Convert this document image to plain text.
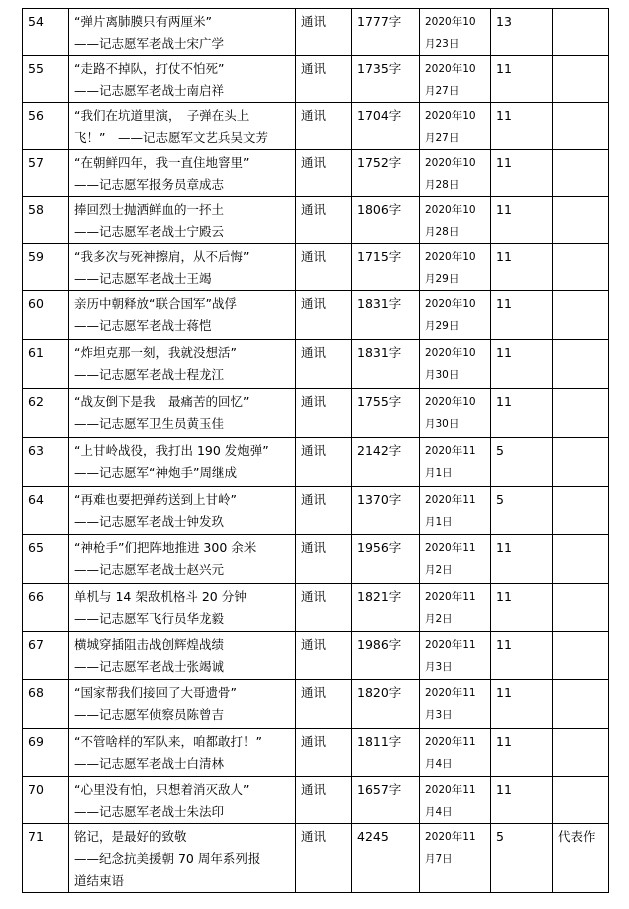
54	“弹片离肺膜只有两厘米”
——记志愿军老战士宋广学	通讯	1777字	2020年10
月23日	13	
55	“走路不掉队，打仗不怕死”
——记志愿军老战士南启祥	通讯	1735字	2020年10
月27日	11	
56	“我们在坑道里演，　子弹在头上
飞！”　——记志愿军文艺兵吴文芳	通讯	1704字	2020年10
月27日	11	
57	“在朝鲜四年，我一直住地窨里”
——记志愿军报务员章成志	通讯	1752字	2020年10
月28日	11	
58	捧回烈士抛洒鲜血的一抔土
——记志愿军老战士宁殿云	通讯	1806字	2020年10
月28日	11	
59	“我多次与死神擦肩，从不后悔”
——记志愿军老战士王竭	通讯	1715字	2020年10
月29日	11	
60	亲历中朝释放“联合国军”战俘
——记志愿军老战士蒋恺	通讯	1831字	2020年10
月29日	11	
61	“炸坦克那一刻，我就没想活”
——记志愿军老战士程龙江	通讯	1831字	2020年10
月30日	11	
62	“战友倒下是我　最痛苦的回忆”
——记志愿军卫生员黄玉佳	通讯	1755字	2020年10
月30日	11	
63	“上甘岭战役，我打出 190 发炮弹”
——记志愿军“神炮手”周继成	通讯	2142字	2020年11
月1日	5	
64	“再难也要把弹药送到上甘岭”
——记志愿军老战士钟发玖	通讯	1370字	2020年11
月1日	5	
65	“神枪手”们把阵地推进 300 余米
——记志愿军老战士赵兴元	通讯	1956字	2020年11
月2日	11	
66	单机与 14 架敌机格斗 20 分钟
——记志愿军飞行员华龙毅	通讯	1821字	2020年11
月2日	11	
67	横城穿插阻击战创辉煌战绩
——记志愿军老战士张竭诚	通讯	1986字	2020年11
月3日	11	
68	“国家帮我们接回了大哥遗骨”
——记志愿军侦察员陈曾吉	通讯	1820字	2020年11
月3日	11	
69	“不管啥样的军队来，咱都敢打！”
——记志愿军老战士白清林	通讯	1811字	2020年11
月4日	11	
70	“心里没有怕，只想着消灭敌人”
——记志愿军老战士朱法印	通讯	1657字	2020年11
月4日	11	
71	铭记，是最好的致敬
——纪念抗美援朝 70 周年系列报
道结束语	通讯	4245	2020年11
月7日	5	代表作
